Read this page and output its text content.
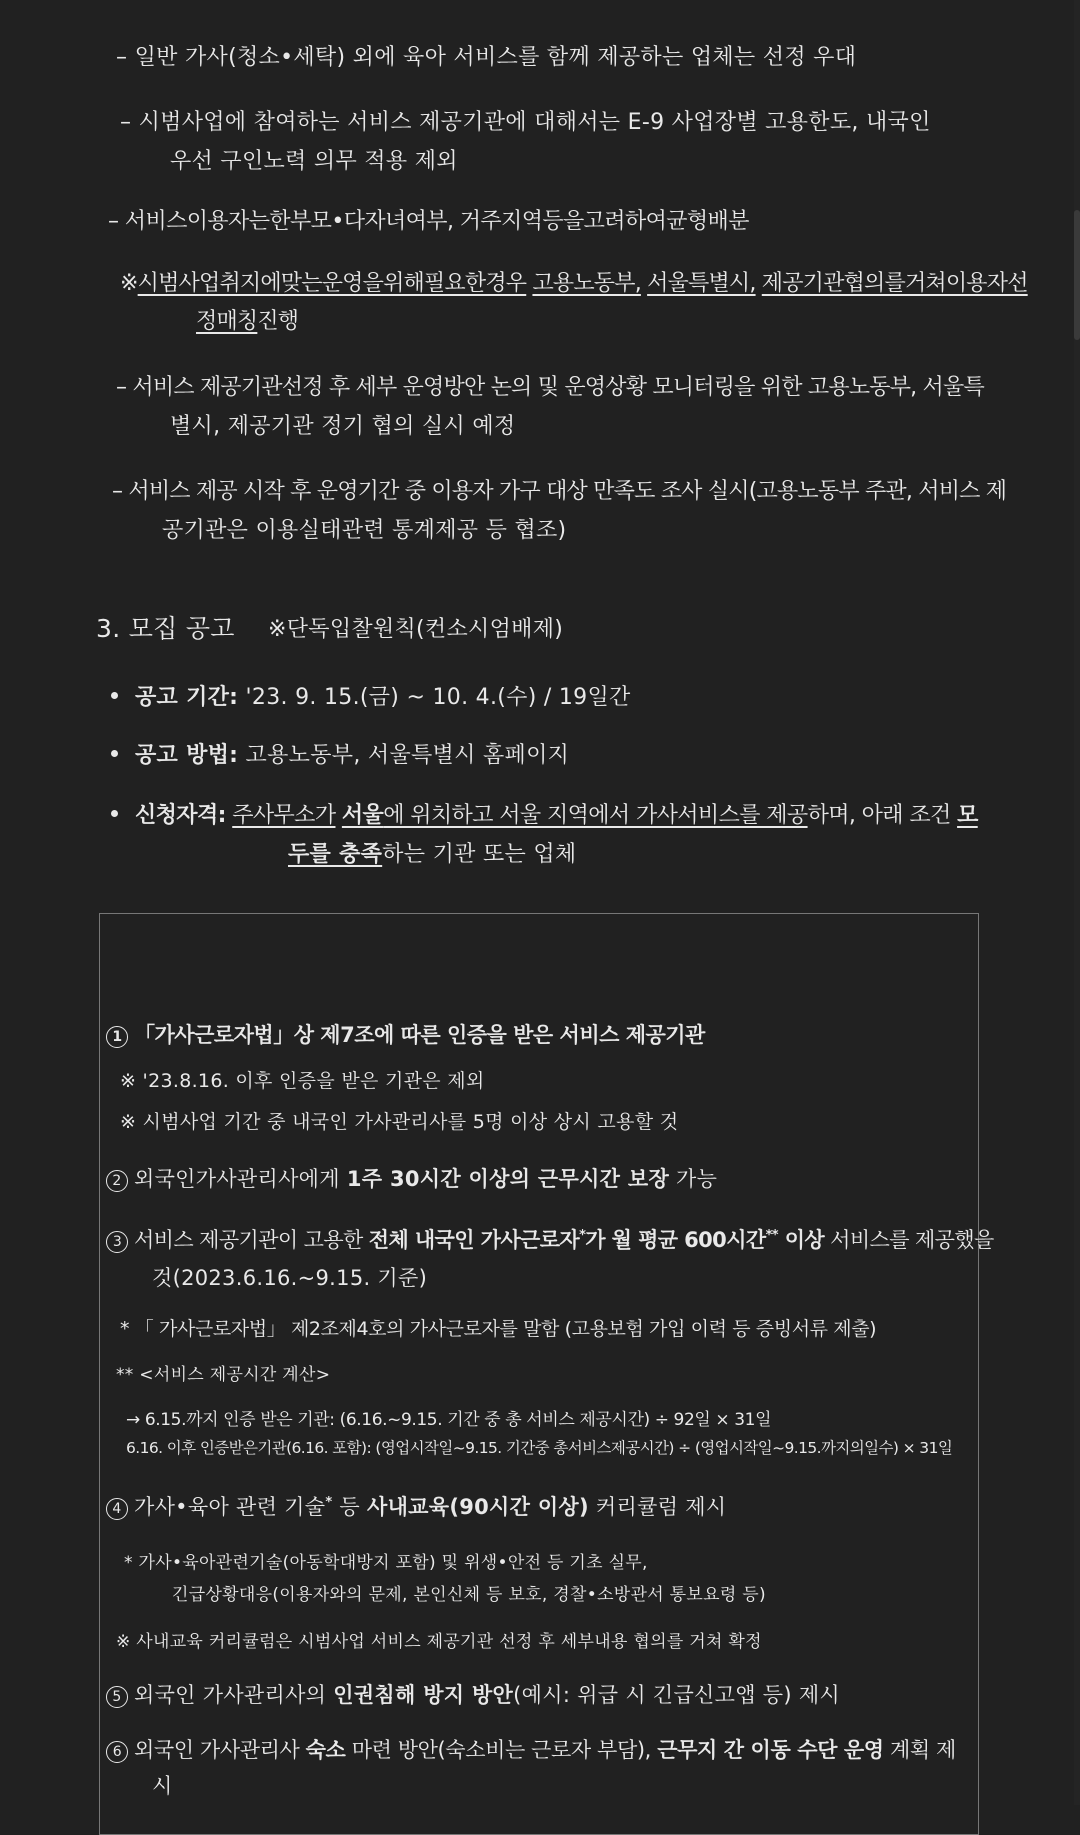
– 일반 가사(청소•세탁) 외에 육아 서비스를 함께 제공하는 업체는 선정 우대
– 시범사업에 참여하는 서비스 제공기관에 대해서는 E-9 사업장별 고용한도, 내국인
우선 구인노력 의무 적용 제외
– 서비스이용자는한부모•다자녀여부, 거주지역등을고려하여균형배분
※시범사업취지에맞는운영을위해필요한경우 고용노동부, 서울특별시, 제공기관협의를거쳐이용자선
정매칭진행
– 서비스 제공기관선정 후 세부 운영방안 논의 및 운영상황 모니터링을 위한 고용노동부, 서울특
별시, 제공기관 정기 협의 실시 예정
– 서비스 제공 시작 후 운영기간 중 이용자 가구 대상 만족도 조사 실시(고용노동부 주관, 서비스 제
공기관은 이용실태관련 통계제공 등 협조)
3. 모집 공고 ※단독입찰원칙(컨소시엄배제)
공고 기간: '23. 9. 15.(금) ~ 10. 4.(수) / 19일간
공고 방법: 고용노동부, 서울특별시 홈페이지
신청자격: 주사무소가 서울에 위치하고 서울 지역에서 가사서비스를 제공하며, 아래 조건 모
두를 충족하는 기관 또는 업체
1 「가사근로자법」상 제7조에 따른 인증을 받은 서비스 제공기관
※ '23.8.16. 이후 인증을 받은 기관은 제외
※ 시범사업 기간 중 내국인 가사관리사를 5명 이상 상시 고용할 것
2 외국인가사관리사에게 1주 30시간 이상의 근무시간 보장 가능
3 서비스 제공기관이 고용한 전체 내국인 가사근로자*가 월 평균 600시간** 이상 서비스를 제공했을
것(2023.6.16.~9.15. 기준)
* 「 가사근로자법」 제2조제4호의 가사근로자를 말함 (고용보험 가입 이력 등 증빙서류 제출)
** <서비스 제공시간 계산>
→ 6.15.까지 인증 받은 기관: (6.16.~9.15. 기간 중 총 서비스 제공시간) ÷ 92일 × 31일
6.16. 이후 인증받은기관(6.16. 포함): (영업시작일~9.15. 기간중 총서비스제공시간) ÷ (영업시작일~9.15.까지의일수) × 31일
4 가사•육아 관련 기술* 등 사내교육(90시간 이상) 커리큘럼 제시
* 가사•육아관련기술(아동학대방지 포함) 및 위생•안전 등 기초 실무,
긴급상황대응(이용자와의 문제, 본인신체 등 보호, 경찰•소방관서 통보요령 등)
※ 사내교육 커리큘럼은 시범사업 서비스 제공기관 선정 후 세부내용 협의를 거쳐 확정
5 외국인 가사관리사의 인권침해 방지 방안(예시: 위급 시 긴급신고앱 등) 제시
6 외국인 가사관리사 숙소 마련 방안(숙소비는 근로자 부담), 근무지 간 이동 수단 운영 계획 제
시
